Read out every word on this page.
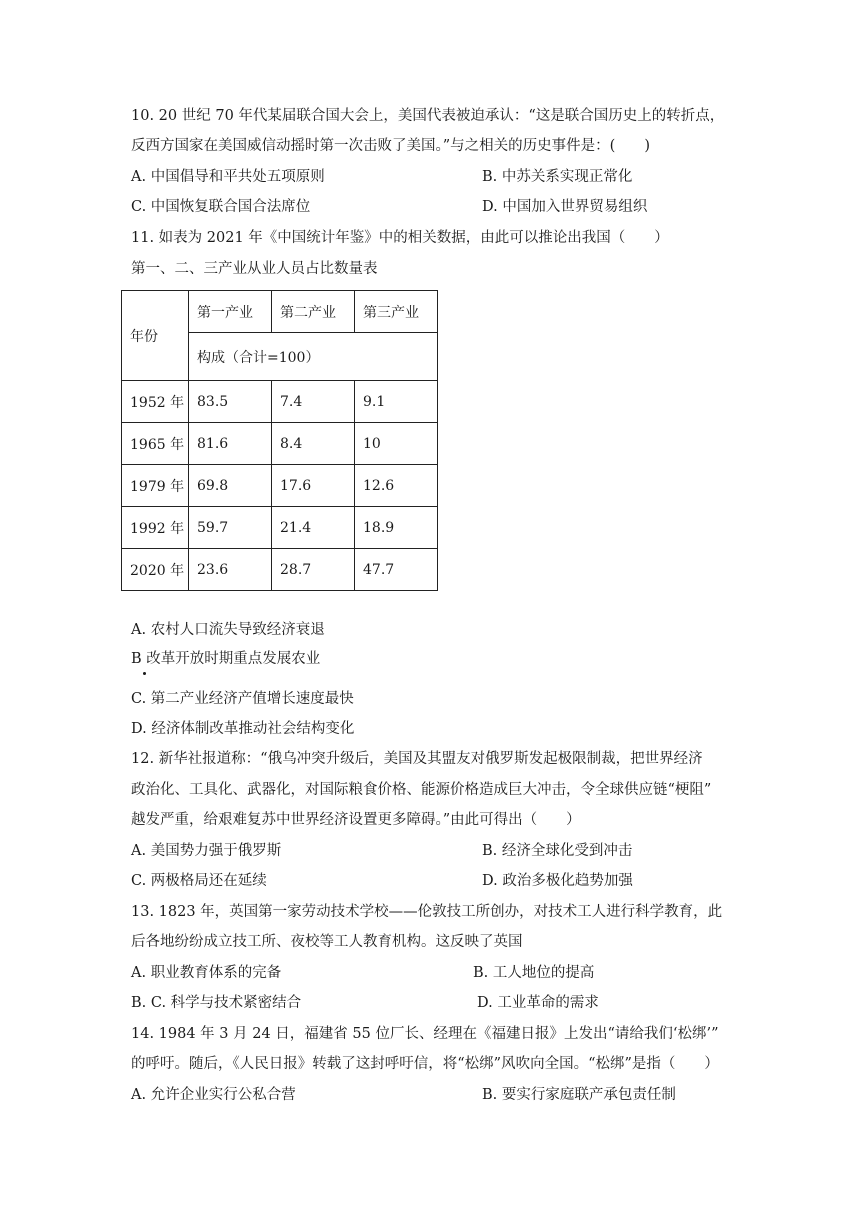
10. 20 世纪 70 年代某届联合国大会上，美国代表被迫承认：“这是联合国历史上的转折点，
反西方国家在美国威信动摇时第一次击败了美国。”与之相关的历史事件是：(　　)
A. 中国倡导和平共处五项原则	B. 中苏关系实现正常化
C. 中国恢复联合国合法席位	D. 中国加入世界贸易组织
11. 如表为 2021 年《中国统计年鉴》中的相关数据，由此可以推论出我国（　　）
第一、二、三产业从业人员占比数量表
年份	第一产业	第二产业	第三产业
	构成（合计=100）		
1952 年	83.5	7.4	9.1
1965 年	81.6	8.4	10
1979 年	69.8	17.6	12.6
1992 年	59.7	21.4	18.9
2020 年	23.6	28.7	47.7
A. 农村人口流失导致经济衰退
B 改革开放时期重点发展农业
C. 第二产业经济产值增长速度最快
D. 经济体制改革推动社会结构变化
12. 新华社报道称：“俄乌冲突升级后，美国及其盟友对俄罗斯发起极限制裁，把世界经济
政治化、工具化、武器化，对国际粮食价格、能源价格造成巨大冲击，令全球供应链“梗阻”
越发严重，给艰难复苏中世界经济设置更多障碍。”由此可得出（　　）
A. 美国势力强于俄罗斯	B. 经济全球化受到冲击
C. 两极格局还在延续	D. 政治多极化趋势加强
13. 1823 年，英国第一家劳动技术学校——伦敦技工所创办，对技术工人进行科学教育，此
后各地纷纷成立技工所、夜校等工人教育机构。这反映了英国
A. 职业教育体系的完备	B. 工人地位的提高
B. C. 科学与技术紧密结合	D. 工业革命的需求
14. 1984 年 3 月 24 日，福建省 55 位厂长、经理在《福建日报》上发出“请给我们‘松绑’”
的呼吁。随后，《人民日报》转载了这封呼吁信，将“松绑”风吹向全国。“松绑”是指（　　）
A. 允许企业实行公私合营	B. 要实行家庭联产承包责任制
